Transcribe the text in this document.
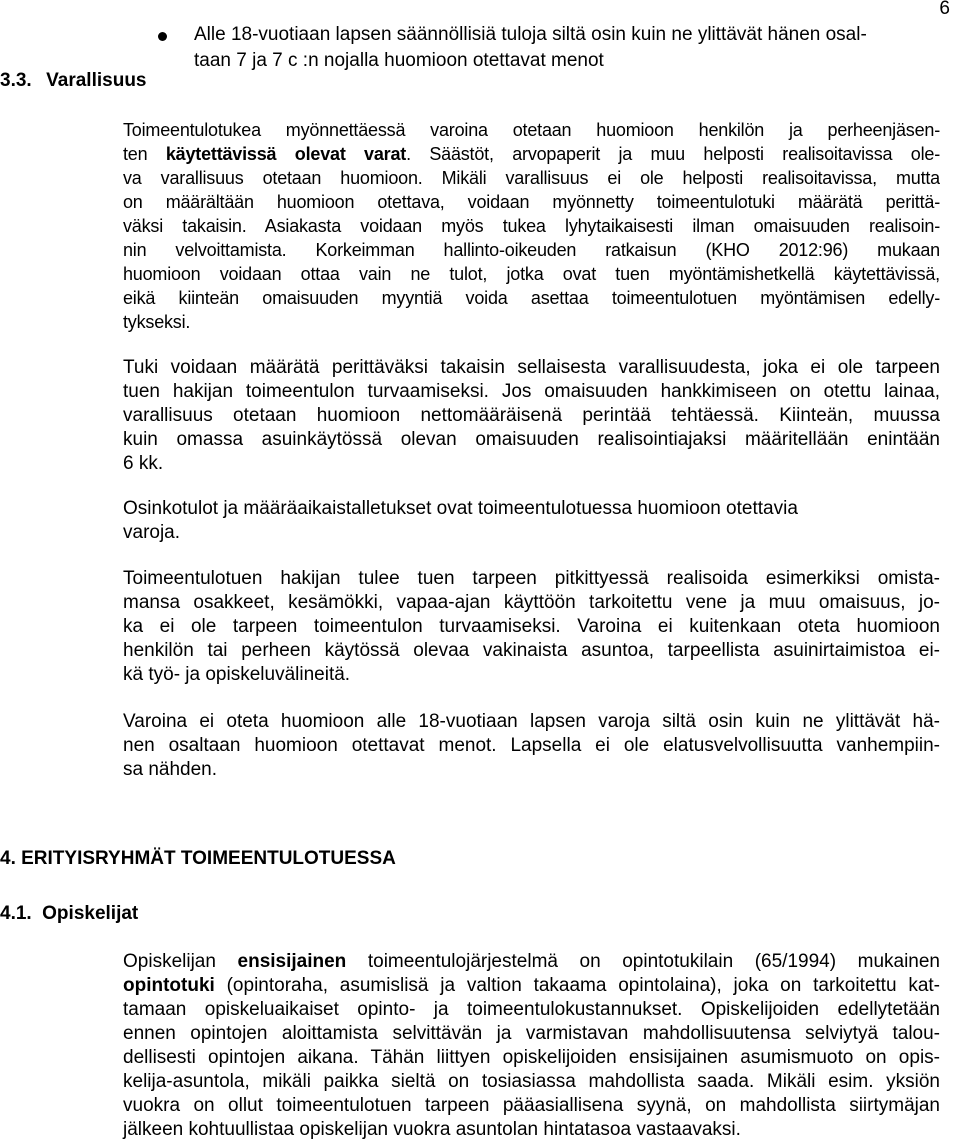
6
Alle 18-vuotiaan lapsen säännöllisiä tuloja siltä osin kuin ne ylittävät hänen osal-
taan 7 ja 7 c :n nojalla huomioon otettavat menot
3.3. Varallisuus
Toimeentulotukea myönnettäessä varoina otetaan huomioon henkilön ja perheenjäsen-
ten käytettävissä olevat varat. Säästöt, arvopaperit ja muu helposti realisoitavissa ole-
va varallisuus otetaan huomioon. Mikäli varallisuus ei ole helposti realisoitavissa, mutta
on määrältään huomioon otettava, voidaan myönnetty toimeentulotuki määrätä perittä-
väksi takaisin. Asiakasta voidaan myös tukea lyhytaikaisesti ilman omaisuuden realisoin-
nin velvoittamista. Korkeimman hallinto-oikeuden ratkaisun (KHO 2012:96) mukaan
huomioon voidaan ottaa vain ne tulot, jotka ovat tuen myöntämishetkellä käytettävissä,
eikä kiinteän omaisuuden myyntiä voida asettaa toimeentulotuen myöntämisen edelly-
tykseksi.
Tuki voidaan määrätä perittäväksi takaisin sellaisesta varallisuudesta, joka ei ole tarpeen
tuen hakijan toimeentulon turvaamiseksi. Jos omaisuuden hankkimiseen on otettu lainaa,
varallisuus otetaan huomioon nettomääräisenä perintää tehtäessä. Kiinteän, muussa
kuin omassa asuinkäytössä olevan omaisuuden realisointiajaksi määritellään enintään
6 kk.
Osinkotulot ja määräaikaistalletukset ovat toimeentulotuessa huomioon otettavia
varoja.
Toimeentulotuen hakijan tulee tuen tarpeen pitkittyessä realisoida esimerkiksi omista-
mansa osakkeet, kesämökki, vapaa-ajan käyttöön tarkoitettu vene ja muu omaisuus, jo-
ka ei ole tarpeen toimeentulon turvaamiseksi. Varoina ei kuitenkaan oteta huomioon
henkilön tai perheen käytössä olevaa vakinaista asuntoa, tarpeellista asuinirtaimistoa ei-
kä työ- ja opiskeluvälineitä.
Varoina ei oteta huomioon alle 18-vuotiaan lapsen varoja siltä osin kuin ne ylittävät hä-
nen osaltaan huomioon otettavat menot. Lapsella ei ole elatusvelvollisuutta vanhempiin-
sa nähden.
4. ERITYISRYHMÄT TOIMEENTULOTUESSA
4.1. Opiskelijat
Opiskelijan ensisijainen toimeentulojärjestelmä on opintotukilain (65/1994) mukainen
opintotuki (opintoraha, asumislisä ja valtion takaama opintolaina), joka on tarkoitettu kat-
tamaan opiskeluaikaiset opinto- ja toimeentulokustannukset. Opiskelijoiden edellytetään
ennen opintojen aloittamista selvittävän ja varmistavan mahdollisuutensa selviytyä talou-
dellisesti opintojen aikana. Tähän liittyen opiskelijoiden ensisijainen asumismuoto on opis-
kelija-asuntola, mikäli paikka sieltä on tosiasiassa mahdollista saada. Mikäli esim. yksiön
vuokra on ollut toimeentulotuen tarpeen pääasiallisena syynä, on mahdollista siirtymäjan
jälkeen kohtuullistaa opiskelijan vuokra asuntolan hintatasoa vastaavaksi.
